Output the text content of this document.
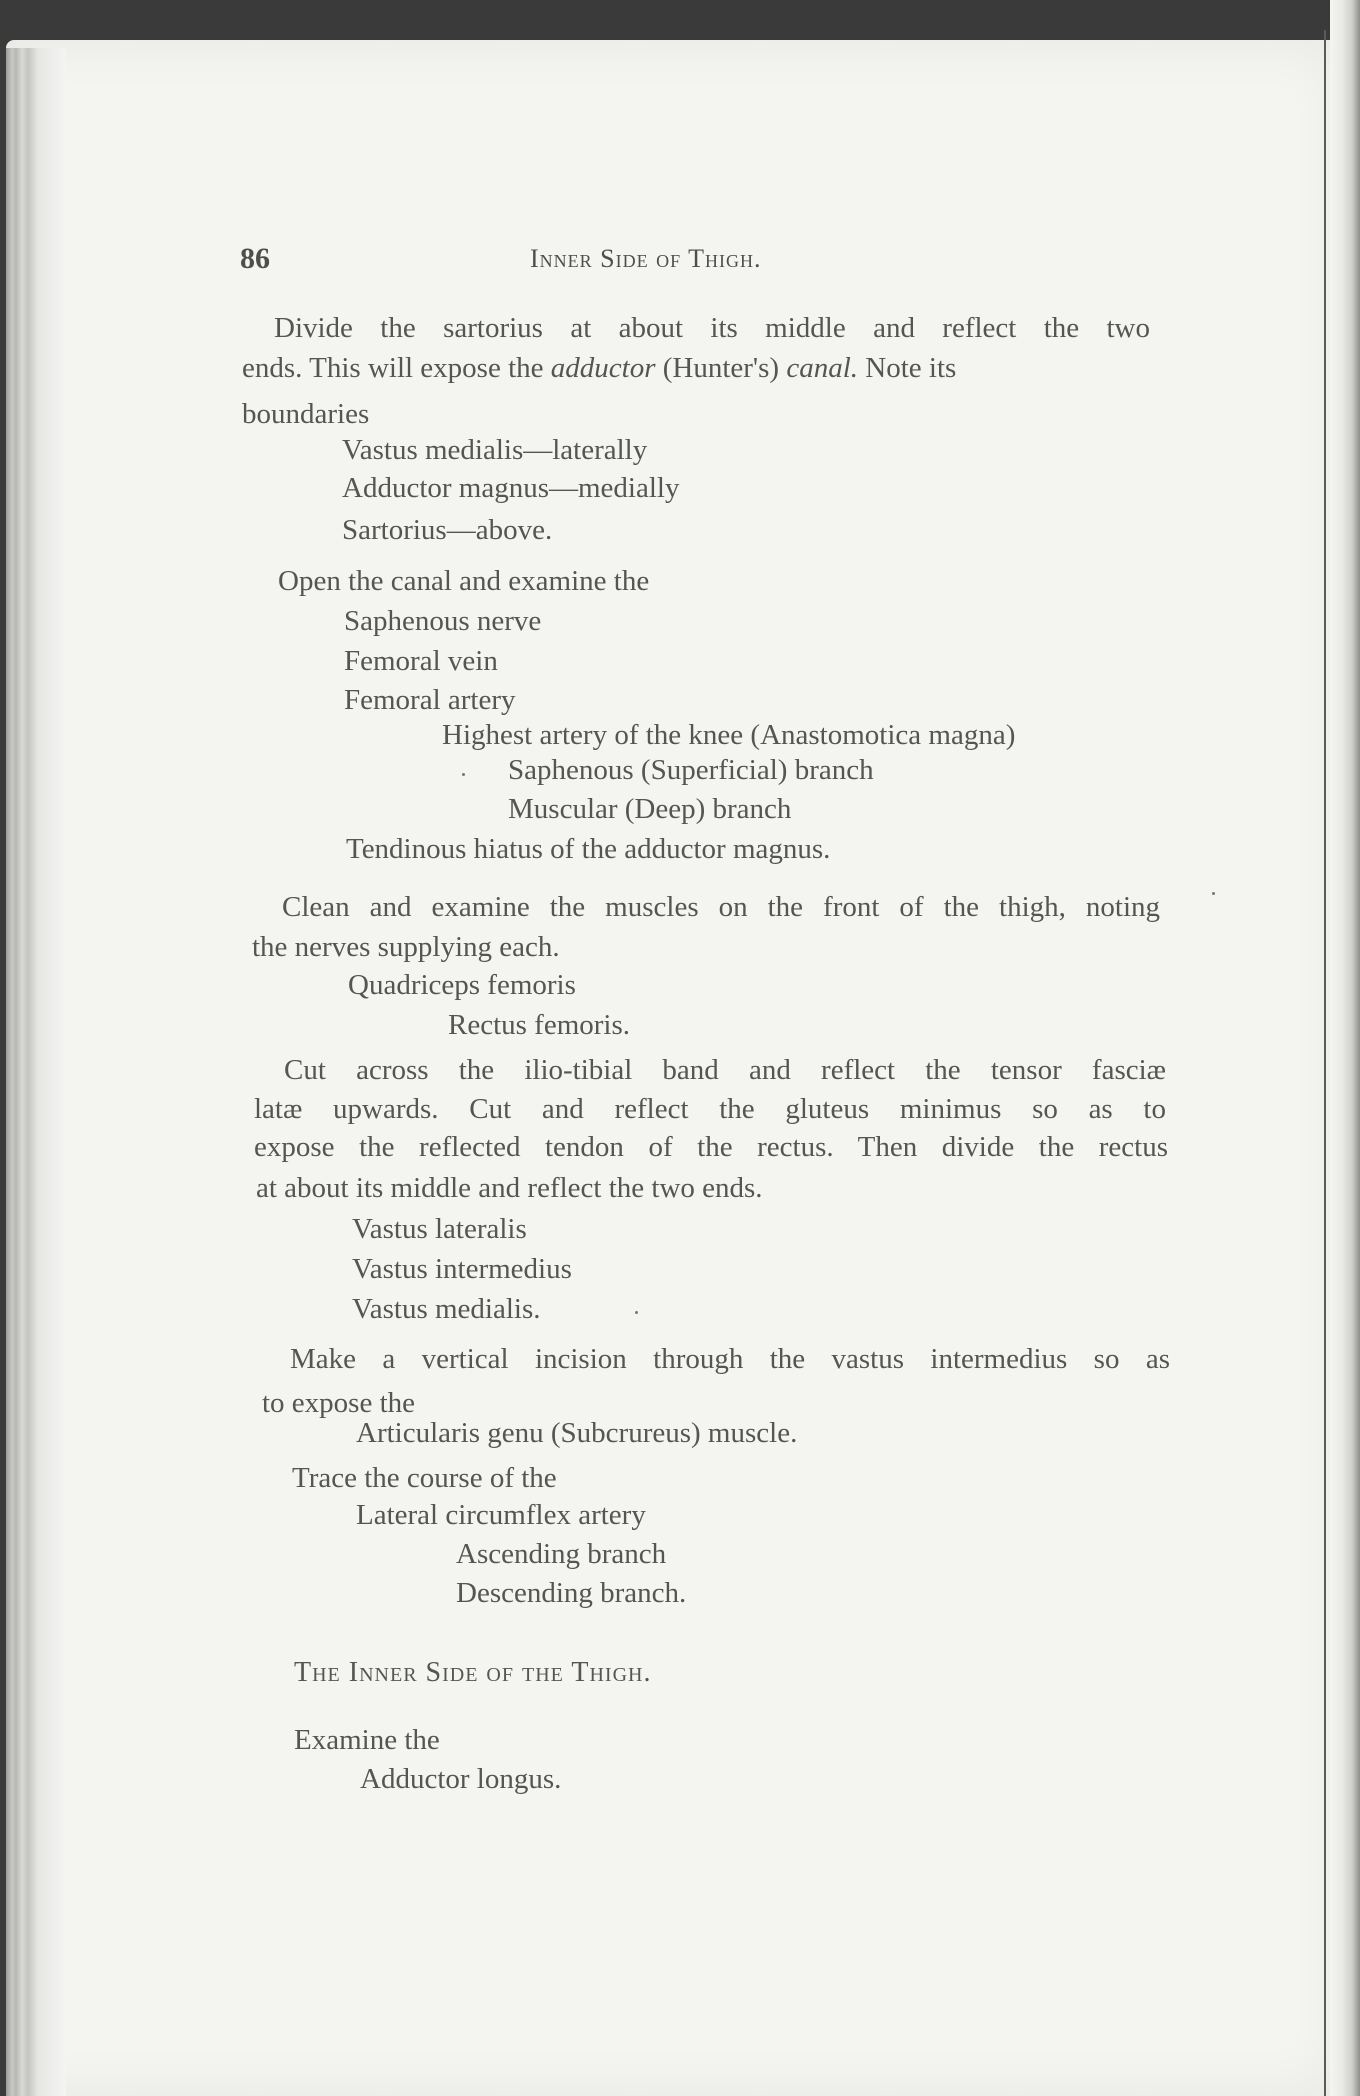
86	Inner Side of Thigh.
Divide the sartorius at about its middle and reflect the two
ends. This will expose the adductor (Hunter's) canal. Note its
boundaries
Vastus medialis—laterally
Adductor magnus—medially
Sartorius—above.
Open the canal and examine the
Saphenous nerve
Femoral vein
Femoral artery
Highest artery of the knee (Anastomotica magna)
Saphenous (Superficial) branch
Muscular (Deep) branch
Tendinous hiatus of the adductor magnus.
Clean and examine the muscles on the front of the thigh, noting
the nerves supplying each.
Quadriceps femoris
Rectus femoris.
Cut across the ilio-tibial band and reflect the tensor fasciæ
latæ upwards. Cut and reflect the gluteus minimus so as to
expose the reflected tendon of the rectus. Then divide the rectus
at about its middle and reflect the two ends.
Vastus lateralis
Vastus intermedius
Vastus medialis.
Make a vertical incision through the vastus intermedius so as
to expose the
Articularis genu (Subcrureus) muscle.
Trace the course of the
Lateral circumflex artery
Ascending branch
Descending branch.
The Inner Side of the Thigh.
Examine the
Adductor longus.
